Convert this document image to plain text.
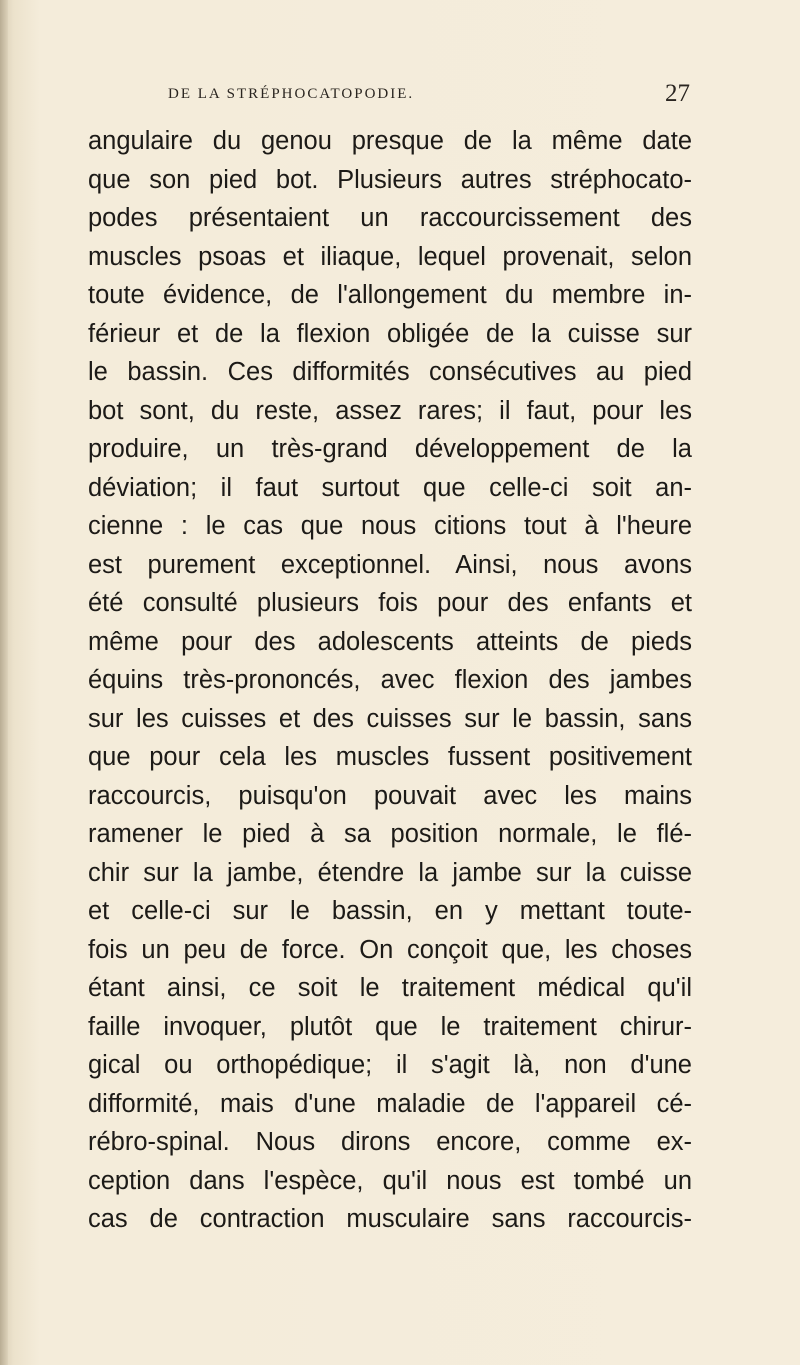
DE LA STRÉPHOCATOPODIE.	27
angulaire du genou presque de la même date
que son pied bot. Plusieurs autres stréphocato-
podes présentaient un raccourcissement des
muscles psoas et iliaque, lequel provenait, selon
toute évidence, de l'allongement du membre in-
férieur et de la flexion obligée de la cuisse sur
le bassin. Ces difformités consécutives au pied
bot sont, du reste, assez rares; il faut, pour les
produire, un très-grand développement de la
déviation; il faut surtout que celle-ci soit an-
cienne : le cas que nous citions tout à l'heure
est purement exceptionnel. Ainsi, nous avons
été consulté plusieurs fois pour des enfants et
même pour des adolescents atteints de pieds
équins très-prononcés, avec flexion des jambes
sur les cuisses et des cuisses sur le bassin, sans
que pour cela les muscles fussent positivement
raccourcis, puisqu'on pouvait avec les mains
ramener le pied à sa position normale, le flé-
chir sur la jambe, étendre la jambe sur la cuisse
et celle-ci sur le bassin, en y mettant toute-
fois un peu de force. On conçoit que, les choses
étant ainsi, ce soit le traitement médical qu'il
faille invoquer, plutôt que le traitement chirur-
gical ou orthopédique; il s'agit là, non d'une
difformité, mais d'une maladie de l'appareil cé-
rébro-spinal. Nous dirons encore, comme ex-
ception dans l'espèce, qu'il nous est tombé un
cas de contraction musculaire sans raccourcis-
